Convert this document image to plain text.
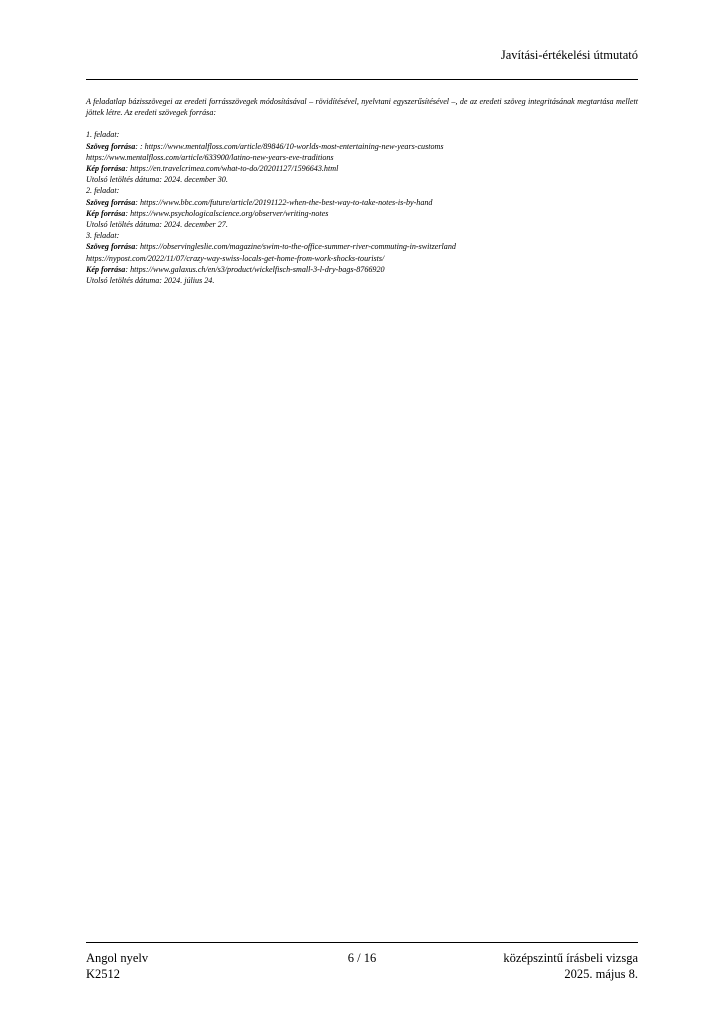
Javítási-értékelési útmutató

A feladatlap bázisszövegei az eredeti forrásszövegek módosításával – rövidítésével, nyelvtani egyszerűsítésével –, de az eredeti szöveg integritásának megtartása mellett jöttek létre. Az eredeti szövegek forrása:

1. feladat:
Szöveg forrása: : https://www.mentalfloss.com/article/89846/10-worlds-most-entertaining-new-years-customs
https://www.mentalfloss.com/article/633900/latino-new-years-eve-traditions
Kép forrása: https://en.travelcrimea.com/what-to-do/20201127/1596643.html
Utolsó letöltés dátuma: 2024. december 30.
2. feladat:
Szöveg forrása: https://www.bbc.com/future/article/20191122-when-the-best-way-to-take-notes-is-by-hand
Kép forrása: https://www.psychologicalscience.org/observer/writing-notes
Utolsó letöltés dátuma: 2024. december 27.
3. feladat:
Szöveg forrása: https://observingleslie.com/magazine/swim-to-the-office-summer-river-commuting-in-switzerland
https://nypost.com/2022/11/07/crazy-way-swiss-locals-get-home-from-work-shocks-tourists/
Kép forrása: https://www.galaxus.ch/en/s3/product/wickelfisch-small-3-l-dry-bags-8766920
Utolsó letöltés dátuma: 2024. július 24.
Angol nyelv
K2512
6 / 16	középszintű írásbeli vizsga
2025. május 8.
